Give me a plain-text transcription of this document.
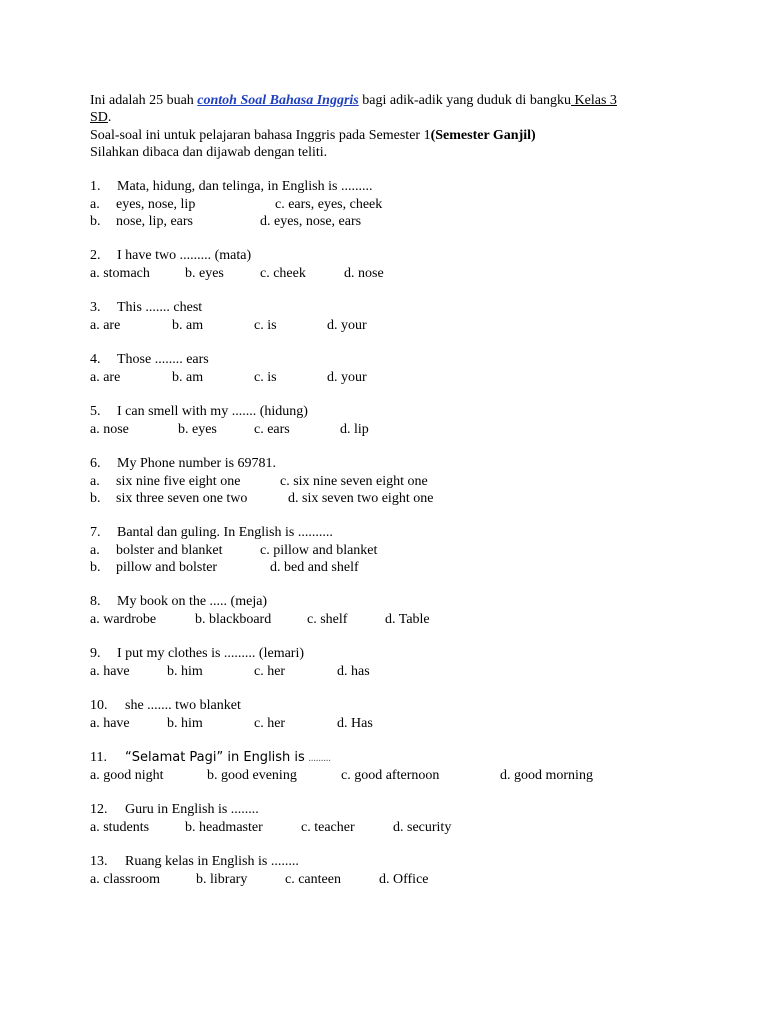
Ini adalah 25 buah contoh Soal Bahasa Inggris bagi adik-adik yang duduk di bangku Kelas 3
SD.
Soal-soal ini untuk pelajaran bahasa Inggris pada Semester 1(Semester Ganjil)
Silahkan dibaca dan dijawab dengan teliti.
1. Mata, hidung, dan telinga, in English is .........
a. eyes, nose, lip	c. ears, eyes, cheek
b. nose, lip, ears	d. eyes, nose, ears
2. I have two ......... (mata)
a. stomach	b. eyes	c. cheek	d. nose
3. This ....... chest
a. are	b. am	c. is	d. your
4. Those ........ ears
a. are	b. am	c. is	d. your
5. I can smell with my ....... (hidung)
a. nose	b. eyes	c. ears	d. lip
6. My Phone number is 69781.
a. six nine five eight one	c. six nine seven eight one
b. six three seven one two	d. six seven two eight one
7. Bantal dan guling. In English is ..........
a. bolster and blanket	c. pillow and blanket
b. pillow and bolster	d. bed and shelf
8. My book on the ..... (meja)
a. wardrobe	b. blackboard	c. shelf	d. Table
9. I put my clothes is ......... (lemari)
a. have	b. him	c. her	d. has
10. she ....... two blanket
a. have	b. him	c. her	d. Has
11. “Selamat Pagi” in English is .........
a. good night	b. good evening	c. good afternoon	d. good morning
12. Guru in English is ........
a. students	b. headmaster	c. teacher	d. security
13. Ruang kelas in English is ........
a. classroom	b. library	c. canteen	d. Office
